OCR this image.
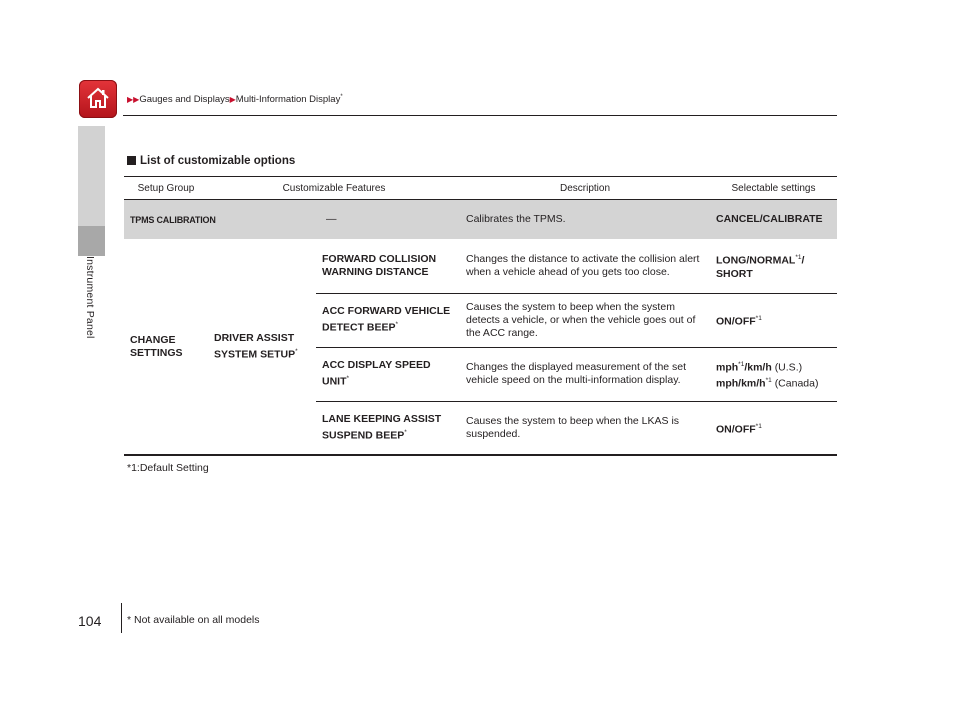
Instrument Panel
▶▶Gauges and Displays▶Multi-Information Display*
List of customizable options
Setup Group	Customizable Features		Description	Selectable settings
TPMS CALIBRATION		—	Calibrates the TPMS.	CANCEL/CALIBRATE
CHANGE SETTINGS	DRIVER ASSIST SYSTEM SETUP*	FORWARD COLLISION WARNING DISTANCE	Changes the distance to activate the collision alert when a vehicle ahead of you gets too close.	LONG/NORMAL$^{*1}$/
SHORT
		ACC FORWARD VEHICLE DETECT BEEP*	Causes the system to beep when the system detects a vehicle, or when the vehicle goes out of the ACC range.	ON/OFF$^{*1}$
		ACC DISPLAY SPEED UNIT*	Changes the displayed measurement of the set vehicle speed on the multi-information display.	mph$^{*1}$/km/h (U.S.)
mph/$km/h^{*1}$ (Canada)
		LANE KEEPING ASSIST SUSPEND BEEP*	Causes the system to beep when the LKAS is suspended.	ON/OFF$^{*1}$
*1:Default Setting
104 * Not available on all models
